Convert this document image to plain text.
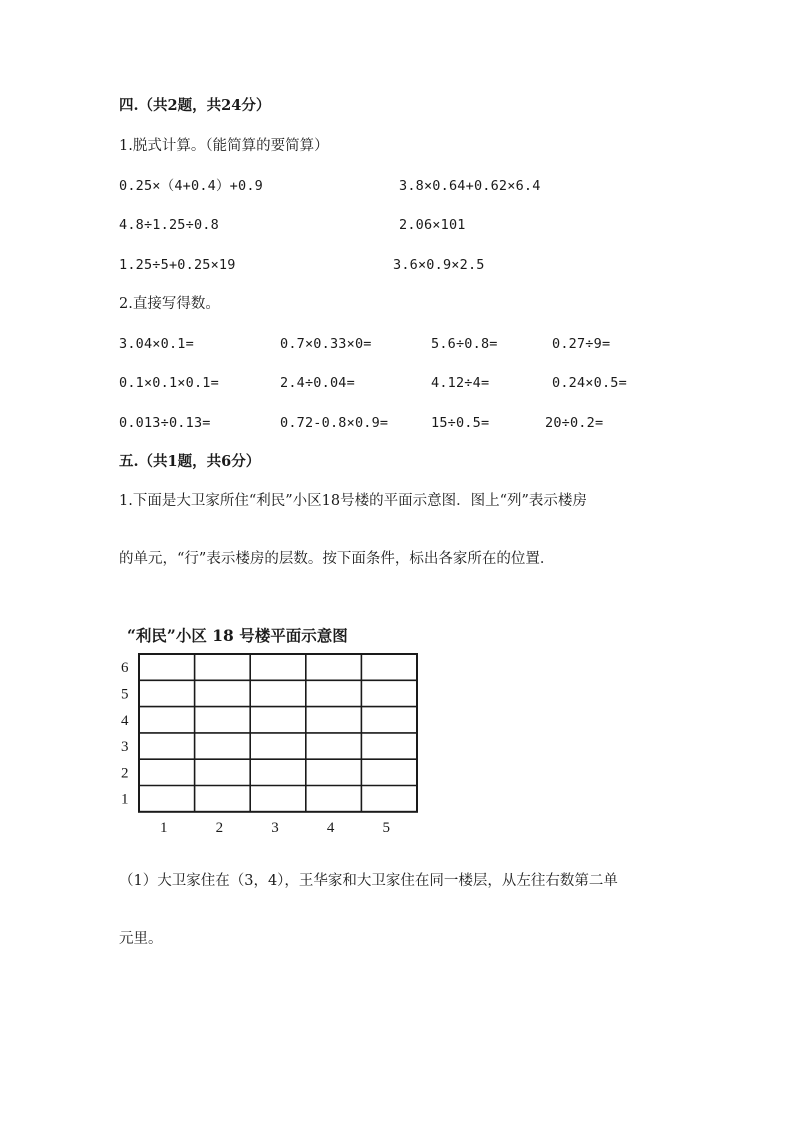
四.（共2题，共24分）
1.脱式计算。（能简算的要简算）
0.25×（4+0.4）+0.9	3.8×0.64+0.62×6.4
4.8÷1.25÷0.8	2.06×101
1.25÷5+0.25×19	3.6×0.9×2.5
2.直接写得数。
3.04×0.1=	0.7×0.33×0=	5.6÷0.8=	0.27÷9=
0.1×0.1×0.1=	2.4÷0.04=	4.12÷4=	0.24×0.5=
0.013÷0.13=	0.72-0.8×0.9=	15÷0.5=	20÷0.2=
五.（共1题，共6分）
1.下面是大卫家所住“利民”小区18号楼的平面示意图．图上“列”表示楼房
的单元，“行”表示楼房的层数。按下面条件，标出各家所在的位置．
“利民”小区 18 号楼平面示意图
1
2
3
4
5
6
1	2	3	4	5
（1）大卫家住在（3，4），王华家和大卫家住在同一楼层，从左往右数第二单
元里。
